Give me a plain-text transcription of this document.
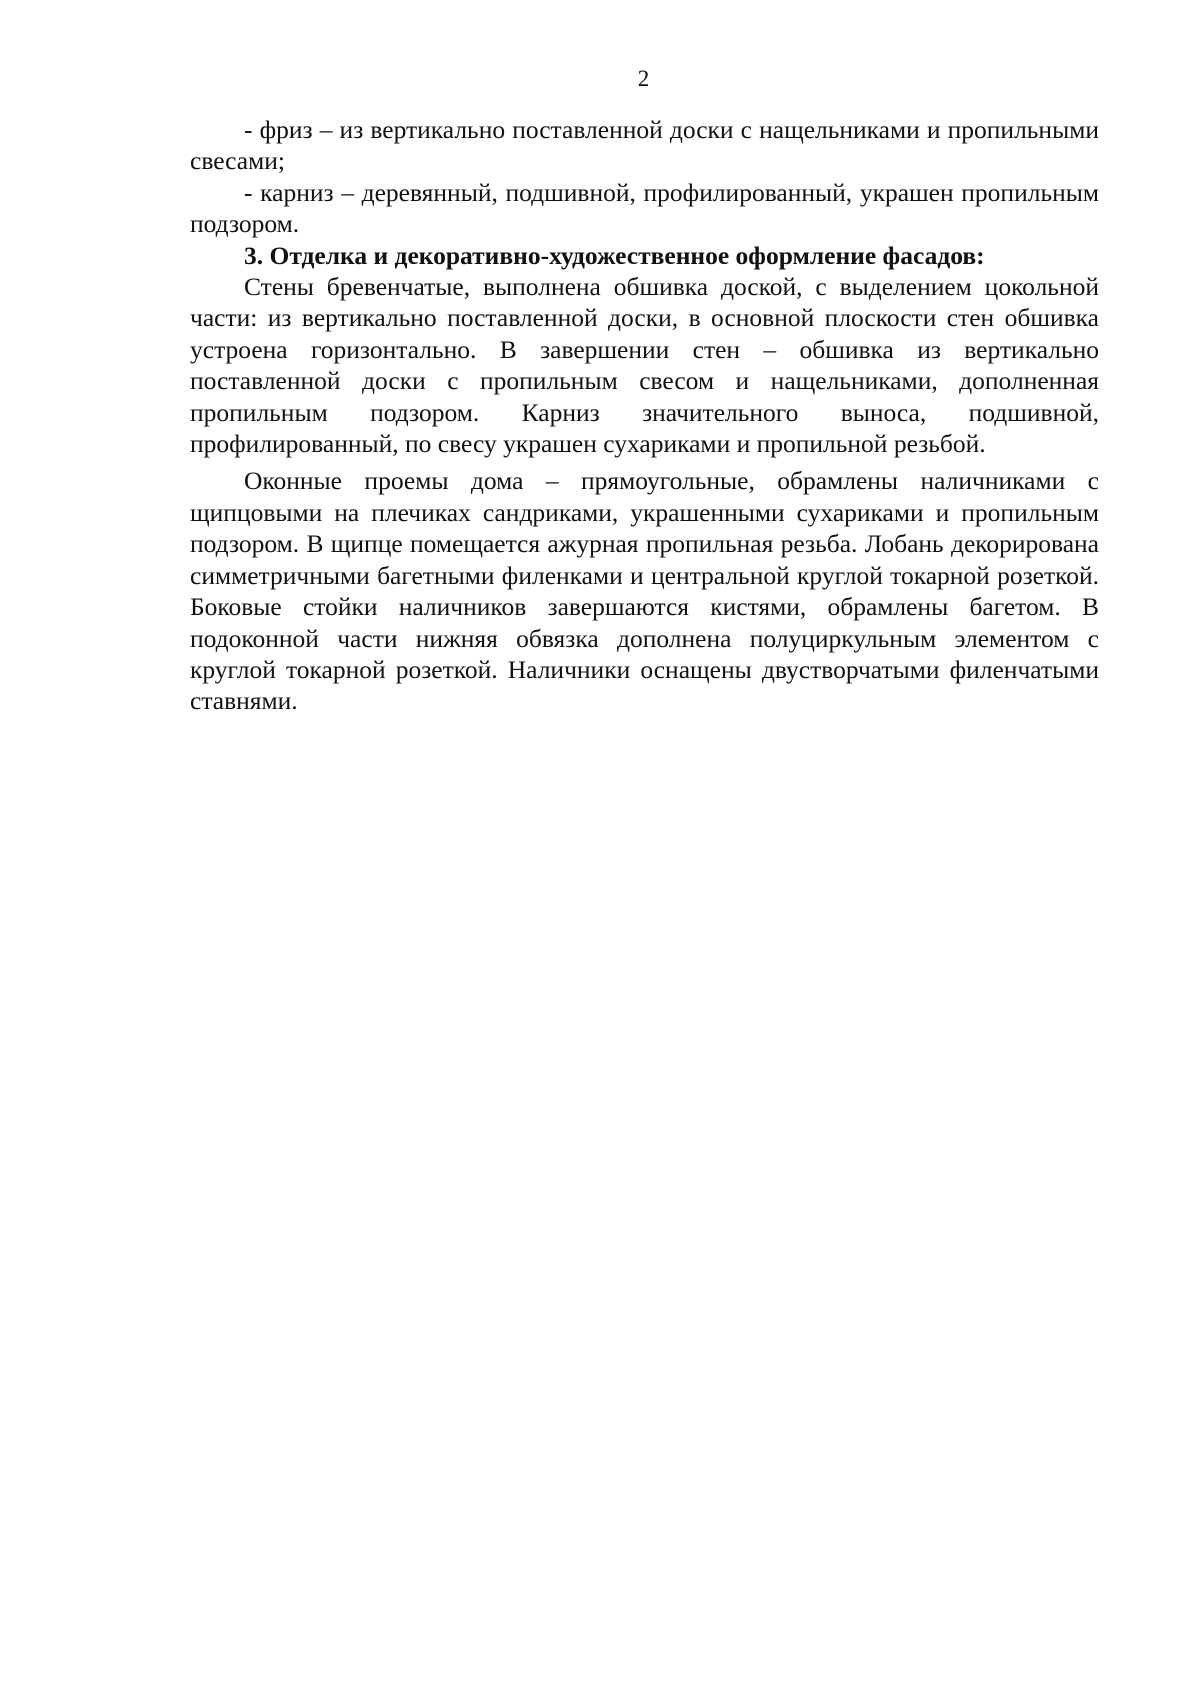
2

- фриз – из вертикально поставленной доски с нащельниками и пропильными свесами;

- карниз – деревянный, подшивной, профилированный, украшен пропильным подзором.

3. Отделка и декоративно-художественное оформление фасадов:

Стены бревенчатые, выполнена обшивка доской, с выделением цокольной части: из вертикально поставленной доски, в основной плоскости стен обшивка устроена горизонтально. В завершении стен – обшивка из вертикально поставленной доски с пропильным свесом и нащельниками, дополненная пропильным подзором. Карниз значительного выноса, подшивной, профилированный, по свесу украшен сухариками и пропильной резьбой.

Оконные проемы дома – прямоугольные, обрамлены наличниками с щипцовыми на плечиках сандриками, украшенными сухариками и пропильным подзором. В щипце помещается ажурная пропильная резьба. Лобань декорирована симметричными багетными филенками и центральной круглой токарной розеткой. Боковые стойки наличников завершаются кистями, обрамлены багетом. В подоконной части нижняя обвязка дополнена полуциркульным элементом с круглой токарной розеткой. Наличники оснащены двустворчатыми филенчатыми ставнями.
